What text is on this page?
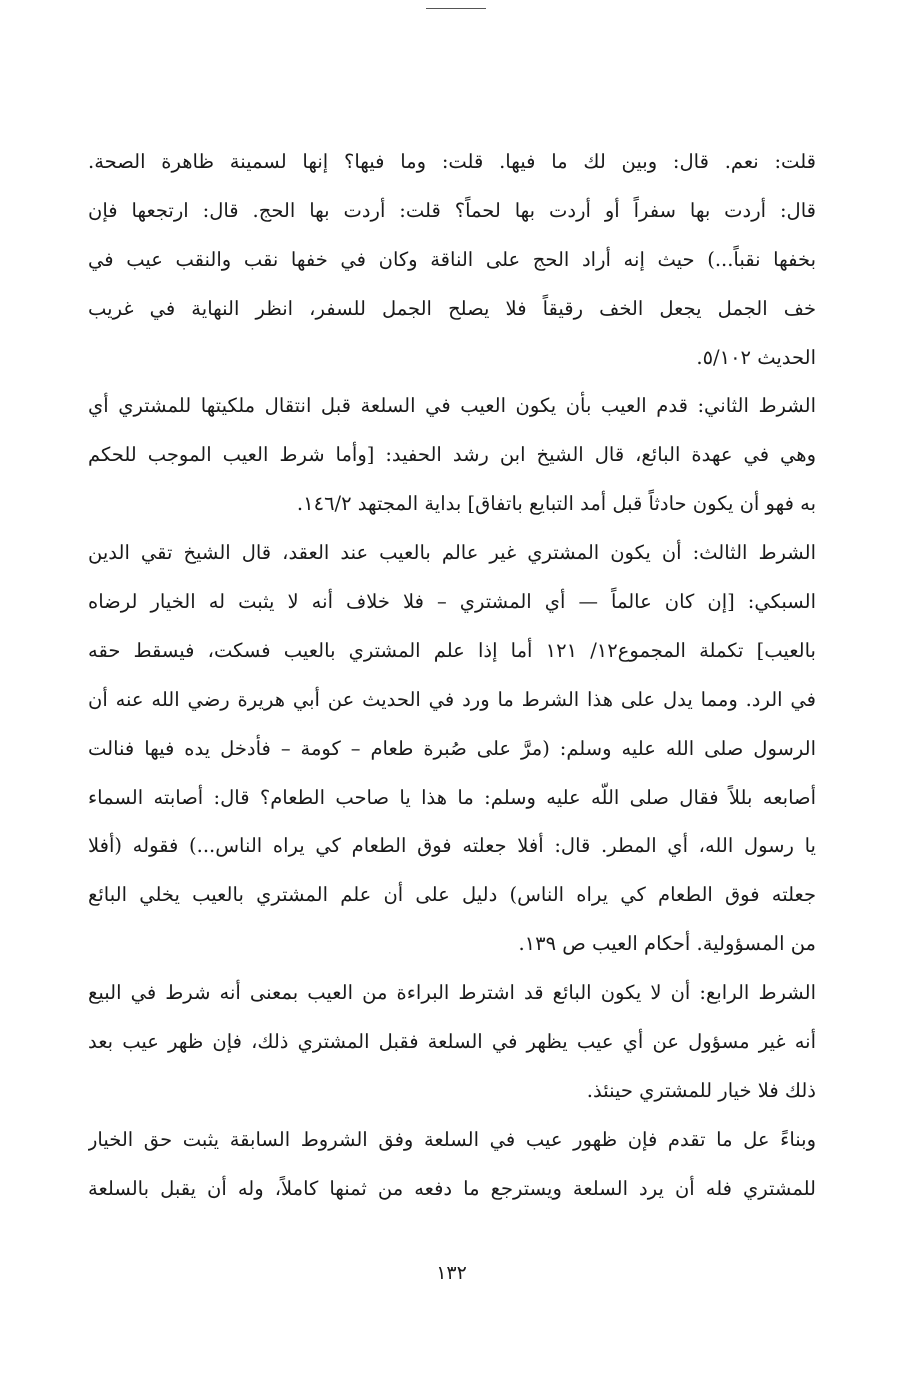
قلت: نعم. قال: وبين لك ما فيها. قلت: وما فيها؟ إنها لسمينة ظاهرة الصحة.
قال: أردت بها سفراً أو أردت بها لحماً؟ قلت: أردت بها الحج. قال: ارتجعها فإن
بخفها نقباً...) حيث إنه أراد الحج على الناقة وكان في خفها نقب والنقب عيب في
خف الجمل يجعل الخف رقيقاً فلا يصلح الجمل للسفر، انظر النهاية في غريب
الحديث ٥/١٠٢.
الشرط الثاني: قدم العيب بأن يكون العيب في السلعة قبل انتقال ملكيتها للمشتري أي
وهي في عهدة البائع، قال الشيخ ابن رشد الحفيد: [وأما شرط العيب الموجب للحكم
به فهو أن يكون حادثاً قبل أمد التبايع باتفاق] بداية المجتهد ١٤٦/٢.
الشرط الثالث: أن يكون المشتري غير عالم بالعيب عند العقد، قال الشيخ تقي الدين
السبكي: [إن كان عالماً — أي المشتري – فلا خلاف أنه لا يثبت له الخيار لرضاه
بالعيب] تكملة المجموع١٢/ ١٢١ أما إذا علم المشتري بالعيب فسكت، فيسقط حقه
في الرد. ومما يدل على هذا الشرط ما ورد في الحديث عن أبي هريرة رضي الله عنه أن
الرسول صلى الله عليه وسلم: (مرَّ على صُبرة طعام – كومة – فأدخل يده فيها فنالت
أصابعه بللاً فقال صلى اللّه عليه وسلم: ما هذا يا صاحب الطعام؟ قال: أصابته السماء
يا رسول الله، أي المطر. قال: أفلا جعلته فوق الطعام كي يراه الناس...) فقوله (أفلا
جعلته فوق الطعام كي يراه الناس) دليل على أن علم المشتري بالعيب يخلي البائع
من المسؤولية. أحكام العيب ص ١٣٩.
الشرط الرابع: أن لا يكون البائع قد اشترط البراءة من العيب بمعنى أنه شرط في البيع
أنه غير مسؤول عن أي عيب يظهر في السلعة فقبل المشتري ذلك، فإن ظهر عيب بعد
ذلك فلا خيار للمشتري حينئذ.
وبناءً عل ما تقدم فإن ظهور عيب في السلعة وفق الشروط السابقة يثبت حق الخيار
للمشتري فله أن يرد السلعة ويسترجع ما دفعه من ثمنها كاملاً، وله أن يقبل بالسلعة
١٣٢
